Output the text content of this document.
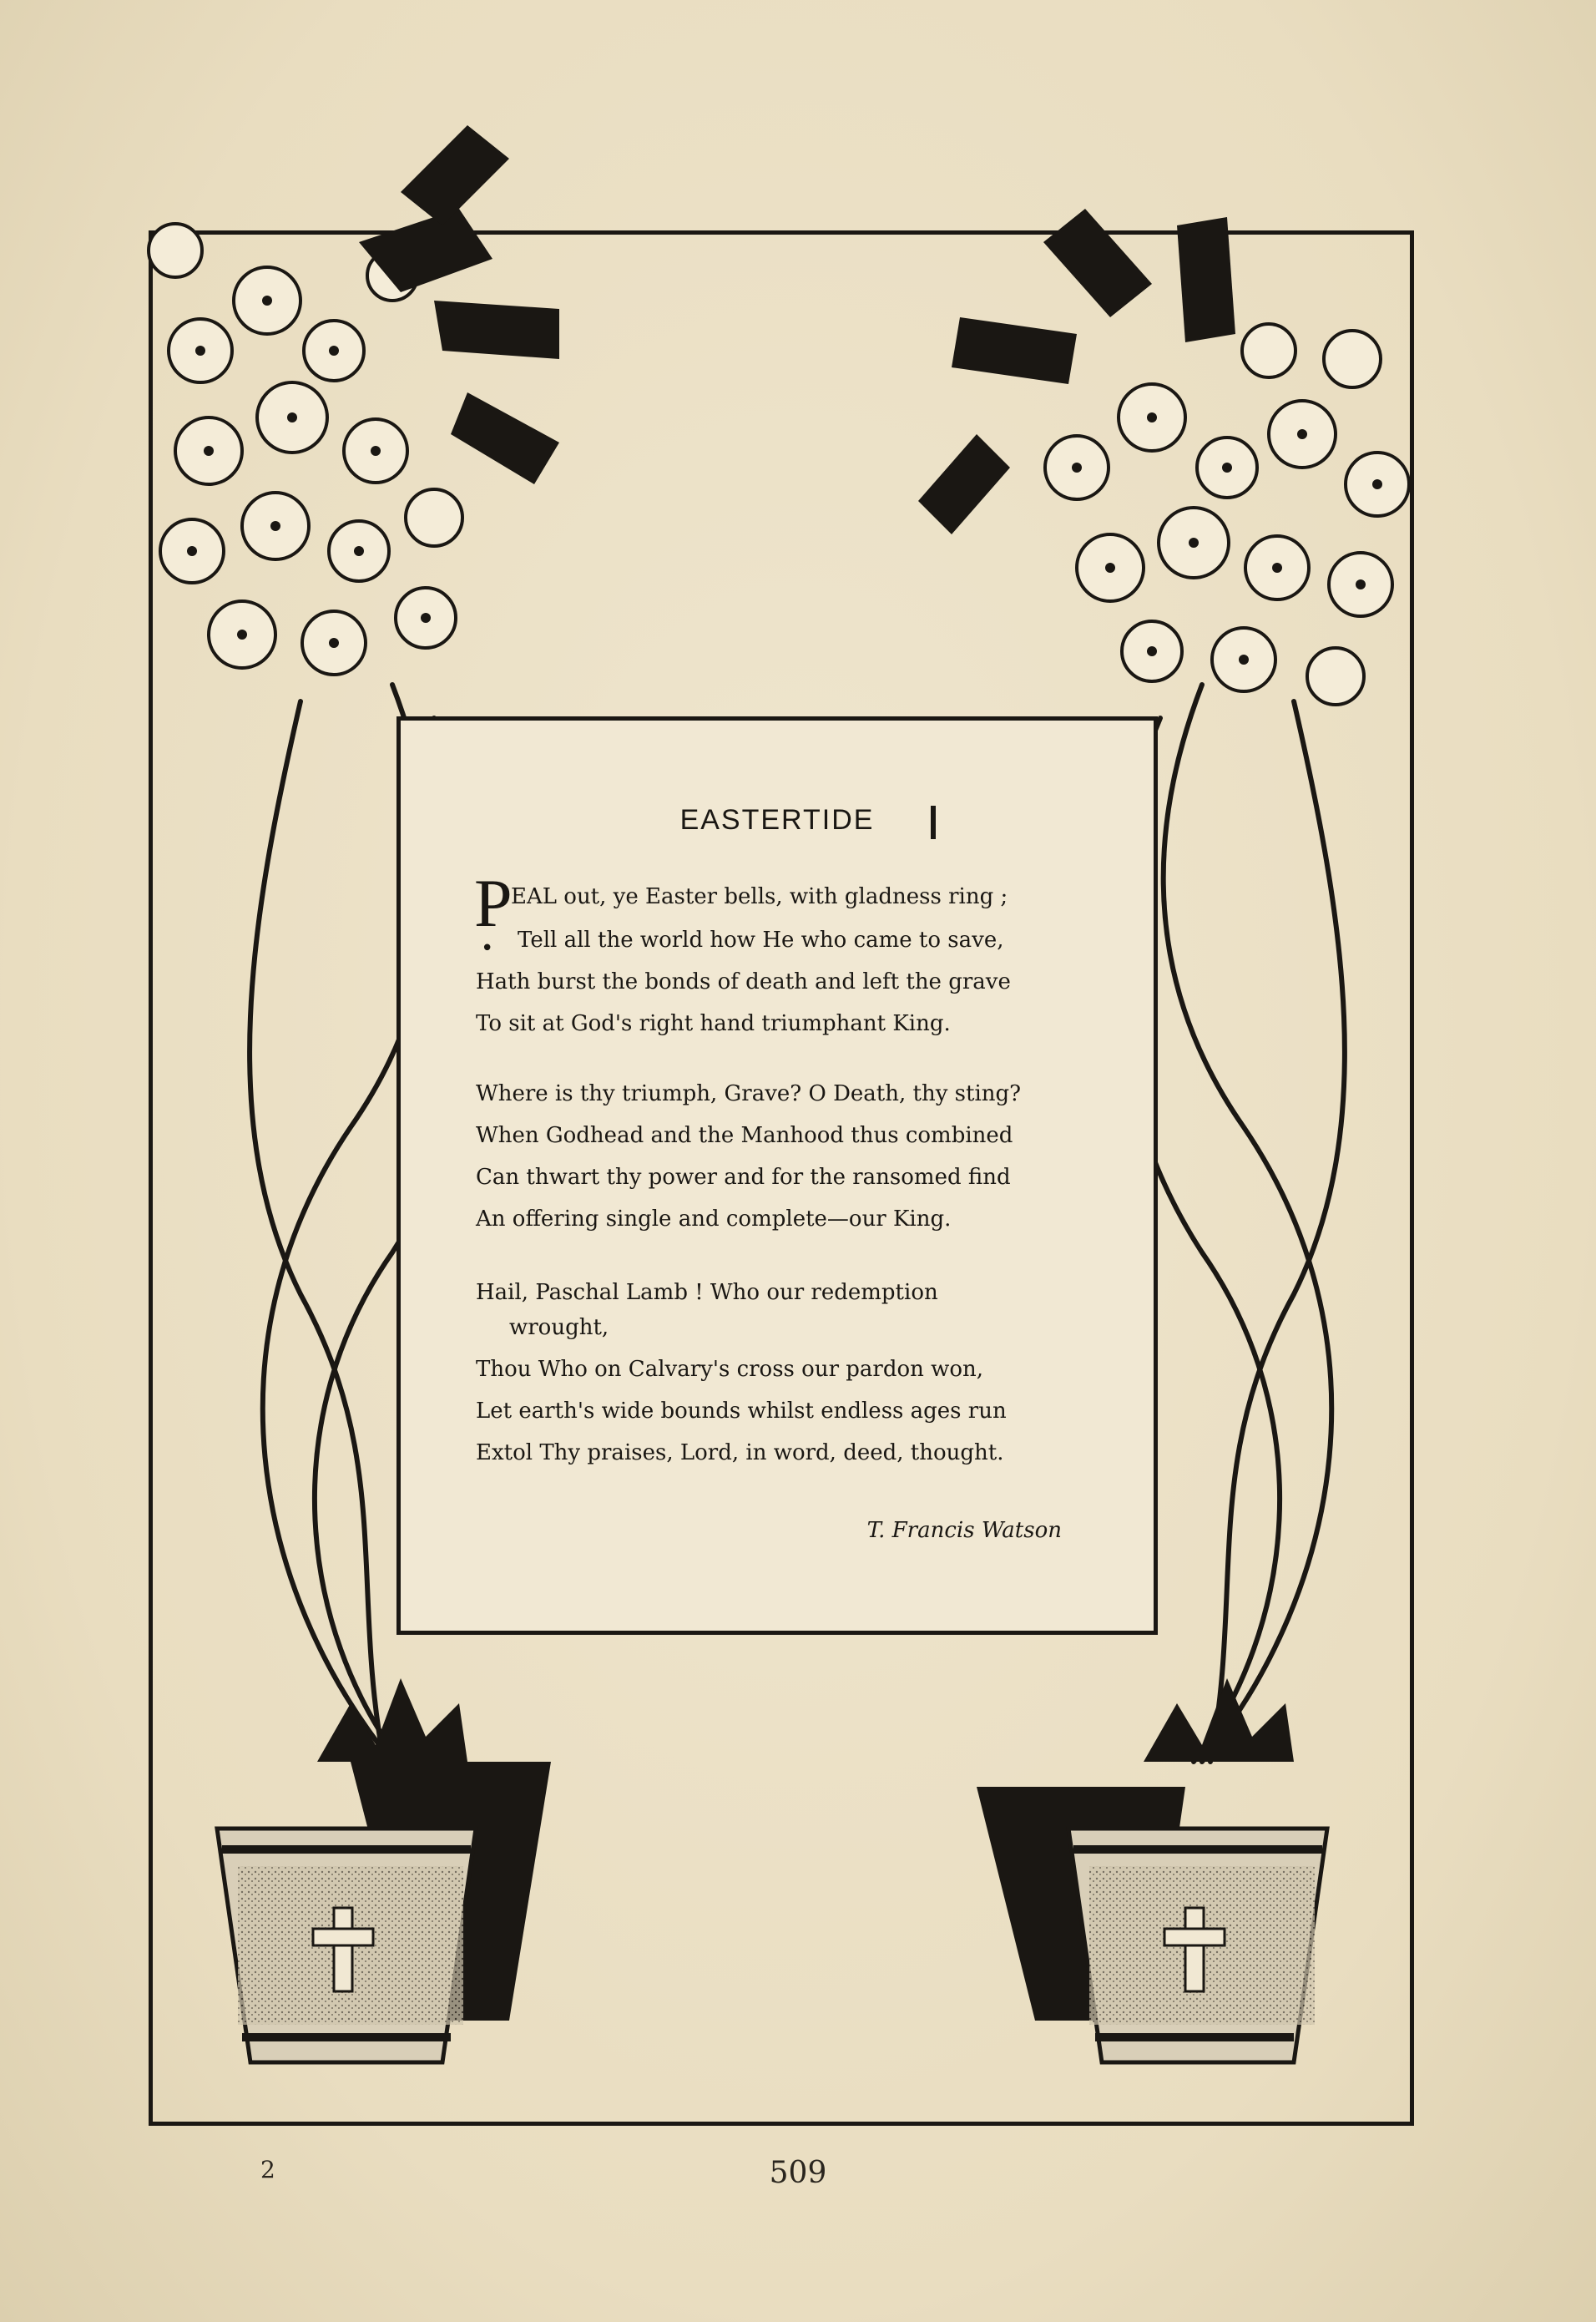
EASTERTIDE
P
EAL out, ye Easter bells, with gladness ring ;
• Tell all the world how He who came to save,
Hath burst the bonds of death and left the grave
To sit at God's right hand triumphant King.
Where is thy triumph, Grave? O Death, thy sting?
When Godhead and the Manhood thus combined
Can thwart thy power and for the ransomed find
An offering single and complete—our King.
Hail, Paschal Lamb ! Who our redemption
wrought,
Thou Who on Calvary's cross our pardon won,
Let earth's wide bounds whilst endless ages run
Extol Thy praises, Lord, in word, deed, thought.
T. Francis Watson
2	509
